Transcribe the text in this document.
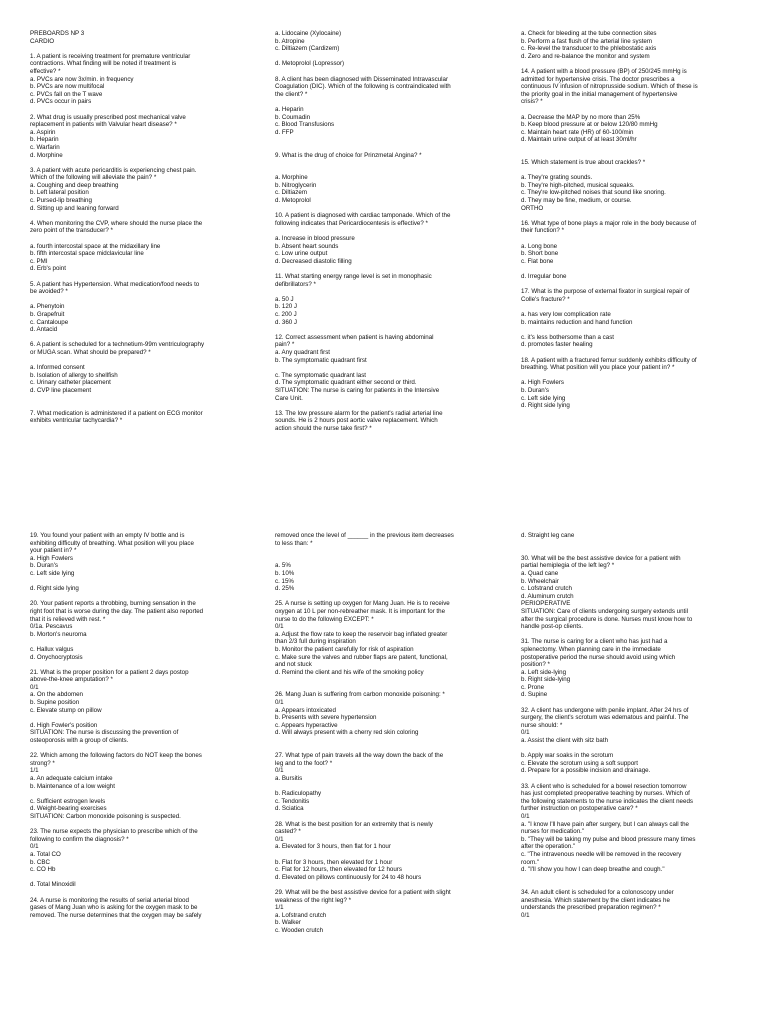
PREBOARDS NP 3
CARDIO
1. A patient is receiving treatment for premature ventricular
contractions. What finding will be noted if treatment is
effective? *
a. PVCs are now 3x/min. in frequency
b. PVCs are now multifocal
c. PVCs fall on the T wave
d. PVCs occur in pairs
2. What drug is usually prescribed post mechanical valve
replacement in patients with Valvular heart disease? *
a. Aspirin
b. Heparin
c. Warfarin
d. Morphine
3. A patient with acute pericarditis is experiencing chest pain.
Which of the following will alleviate the pain? *
a. Coughing and deep breathing
b. Left lateral position
c. Pursed-lip breathing
d. Sitting up and leaning forward
4. When monitoring the CVP, where should the nurse place the
zero point of the transducer? *
a. fourth intercostal space at the midaxillary line
b. fifth intercostal space midclavicular line
c. PMI
d. Erb's point
5. A patient has Hypertension. What medication/food needs to
be avoided? *
a. Phenytoin
b. Grapefruit
c. Cantaloupe
d. Antacid
6. A patient is scheduled for a technetium-99m ventriculography
or MUGA scan. What should be prepared? *
a. Informed consent
b. Isolation of allergy to shellfish
c. Urinary catheter placement
d. CVP line placement
7. What medication is administered if a patient on ECG monitor
exhibits ventricular tachycardia? *
a. Lidocaine (Xylocaine)
b. Atropine
c. Diltiazem (Cardizem)
d. Metoprolol (Lopressor)
8. A client has been diagnosed with Disseminated Intravascular
Coagulation (DIC). Which of the following is contraindicated with
the client? *
a. Heparin
b. Coumadin
c. Blood Transfusions
d. FFP
9. What is the drug of choice for Prinzmetal Angina? *
a. Morphine
b. Nitroglycerin
c. Diltiazem
d. Metoprolol
10. A patient is diagnosed with cardiac tamponade. Which of the
following indicates that Pericardiocentesis is effective? *
a. Increase in blood pressure
b. Absent heart sounds
c. Low urine output
d. Decreased diastolic filling
11. What starting energy range level is set in monophasic
defibrillators? *
a. 50 J
b. 120 J
c. 200 J
d. 360 J
12. Correct assessment when patient is having abdominal
pain? *
a. Any quadrant first
b. The symptomatic quadrant first
c. The symptomatic quadrant last
d. The symptomatic quadrant either second or third.
SITUATION: The nurse is caring for patients in the Intensive
Care Unit.
13. The low pressure alarm for the patient's radial arterial line
sounds. He is 2 hours post aortic valve replacement. Which
action should the nurse take first? *
a. Check for bleeding at the tube connection sites
b. Perform a fast flush of the arterial line system
c. Re-level the transducer to the phlebostatic axis
d. Zero and re-balance the monitor and system
14. A patient with a blood pressure (BP) of 250/245 mmHg is
admitted for hypertensive crisis. The doctor prescribes a
continuous IV infusion of nitroprusside sodium. Which of these is
the priority goal in the initial management of hypertensive
crisis? *
a. Decrease the MAP by no more than 25%
b. Keep blood pressure at or below 120/80 mmHg
c. Maintain heart rate (HR) of 60-100/min
d. Maintain urine output of at least 30ml/hr
15. Which statement is true about crackles? *
a. They're grating sounds.
b. They're high-pitched, musical squeaks.
c. They're low-pitched noises that sound like snoring.
d. They may be fine, medium, or course.
ORTHO
16. What type of bone plays a major role in the body because of
their function? *
a. Long bone
b. Short bone
c. Flat bone
d. Irregular bone
17. What is the purpose of external fixator in surgical repair of
Colle's fracture? *
a. has very low complication rate
b. maintains reduction and hand function
c. it's less bothersome than a cast
d. promotes faster healing
18. A patient with a fractured femur suddenly exhibits difficulty of
breathing. What position will you place your patient in? *
a. High Fowlers
b. Duran's
c. Left side lying
d. Right side lying
19. You found your patient with an empty IV bottle and is
exhibiting difficulty of breathing. What position will you place
your patient in? *
a. High Fowlers
b. Duran's
c. Left side lying
d. Right side lying
20. Your patient reports a throbbing, burning sensation in the
right foot that is worse during the day. The patient also reported
that it is relieved with rest. *
0/1a. Pescavus
b. Morton's neuroma
c. Hallux valgus
d. Onychocryptosis
21. What is the proper position for a patient 2 days postop
above-the-knee amputation? *
0/1
a. On the abdomen
b. Supine position
c. Elevate stump on pillow
d. High Fowler's position
SITUATION: The nurse is discussing the prevention of
osteoporosis with a group of clients.
22. Which among the following factors do NOT keep the bones
strong? *
1/1
a. An adequate calcium intake
b. Maintenance of a low weight
c. Sufficient estrogen levels
d. Weight-bearing exercises
SITUATION: Carbon monoxide poisoning is suspected.
23. The nurse expects the physician to prescribe which of the
following to confirm the diagnosis? *
0/1
a. Total CO
b. CBC
c. CO Hb
d. Total Minoxidil
24. A nurse is monitoring the results of serial arterial blood
gases of Mang Juan who is asking for the oxygen mask to be
removed. The nurse determines that the oxygen may be safely
removed once the level of ______ in the previous item decreases
to less than: *
a. 5%
b. 10%
c. 15%
d. 25%
25. A nurse is setting up oxygen for Mang Juan. He is to receive
oxygen at 10 L per non-rebreather mask. It is important for the
nurse to do the following EXCEPT: *
0/1
a. Adjust the flow rate to keep the reservoir bag inflated greater
than 2/3 full during inspiration
b. Monitor the patient carefully for risk of aspiration
c. Make sure the valves and rubber flaps are patent, functional,
and not stuck
d. Remind the client and his wife of the smoking policy
26. Mang Juan is suffering from carbon monoxide poisoning: *
0/1
a. Appears intoxicated
b. Presents with severe hypertension
c. Appears hyperactive
d. Will always present with a cherry red skin coloring
27. What type of pain travels all the way down the back of the
leg and to the foot? *
0/1
a. Bursitis
b. Radiculopathy
c. Tendonitis
d. Sciatica
28. What is the best position for an extremity that is newly
casted? *
0/1
a. Elevated for 3 hours, then flat for 1 hour
b. Flat for 3 hours, then elevated for 1 hour
c. Flat for 12 hours, then elevated for 12 hours
d. Elevated on pillows continuously for 24 to 48 hours
29. What will be the best assistive device for a patient with slight
weakness of the right leg? *
1/1
a. Lofstrand crutch
b. Walker
c. Wooden crutch
d. Straight leg cane
30. What will be the best assistive device for a patient with
partial hemiplegia of the left leg? *
a. Quad cane
b. Wheelchair
c. Lofstrand crutch
d. Aluminum crutch
PERIOPERATIVE
SITUATION: Care of clients undergoing surgery extends until
after the surgical procedure is done. Nurses must know how to
handle post-op clients.
31. The nurse is caring for a client who has just had a
splenectomy. When planning care in the immediate
postoperative period the nurse should avoid using which
position? *
a. Left side-lying
b. Right side-lying
c. Prone
d. Supine
32. A client has undergone with penile implant. After 24 hrs of
surgery, the client's scrotum was edematous and painful. The
nurse should: *
0/1
a. Assist the client with sitz bath
b. Apply war soaks in the scrotum
c. Elevate the scrotum using a soft support
d. Prepare for a possible incision and drainage.
33. A client who is scheduled for a bowel resection tomorrow
has just completed preoperative teaching by nurses. Which of
the following statements to the nurse indicates the client needs
further instruction on postoperative care? *
0/1
a. "I know I'll have pain after surgery, but I can always call the
nurses for medication."
b. "They will be taking my pulse and blood pressure many times
after the operation."
c. "The intravenous needle will be removed in the recovery
room."
d. "I'll show you how I can deep breathe and cough."
34. An adult client is scheduled for a colonoscopy under
anesthesia. Which statement by the client indicates he
understands the prescribed preparation regimen? *
0/1
